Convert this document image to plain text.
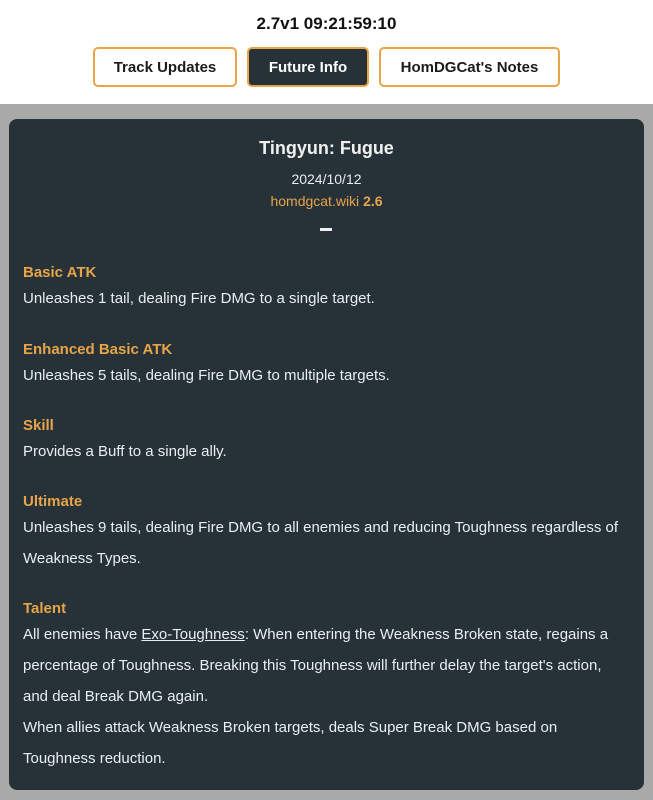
2.7v1 09:21:59:10
Track Updates	Future Info	HomDGCat's Notes
Tingyun: Fugue
2024/10/12
homdgcat.wiki 2.6
Basic ATK
Unleashes 1 tail, dealing Fire DMG to a single target.
Enhanced Basic ATK
Unleashes 5 tails, dealing Fire DMG to multiple targets.
Skill
Provides a Buff to a single ally.
Ultimate
Unleashes 9 tails, dealing Fire DMG to all enemies and reducing Toughness regardless of
Weakness Types.
Talent
All enemies have Exo-Toughness: When entering the Weakness Broken state, regains a
percentage of Toughness. Breaking this Toughness will further delay the target's action,
and deal Break DMG again.
When allies attack Weakness Broken targets, deals Super Break DMG based on
Toughness reduction.
